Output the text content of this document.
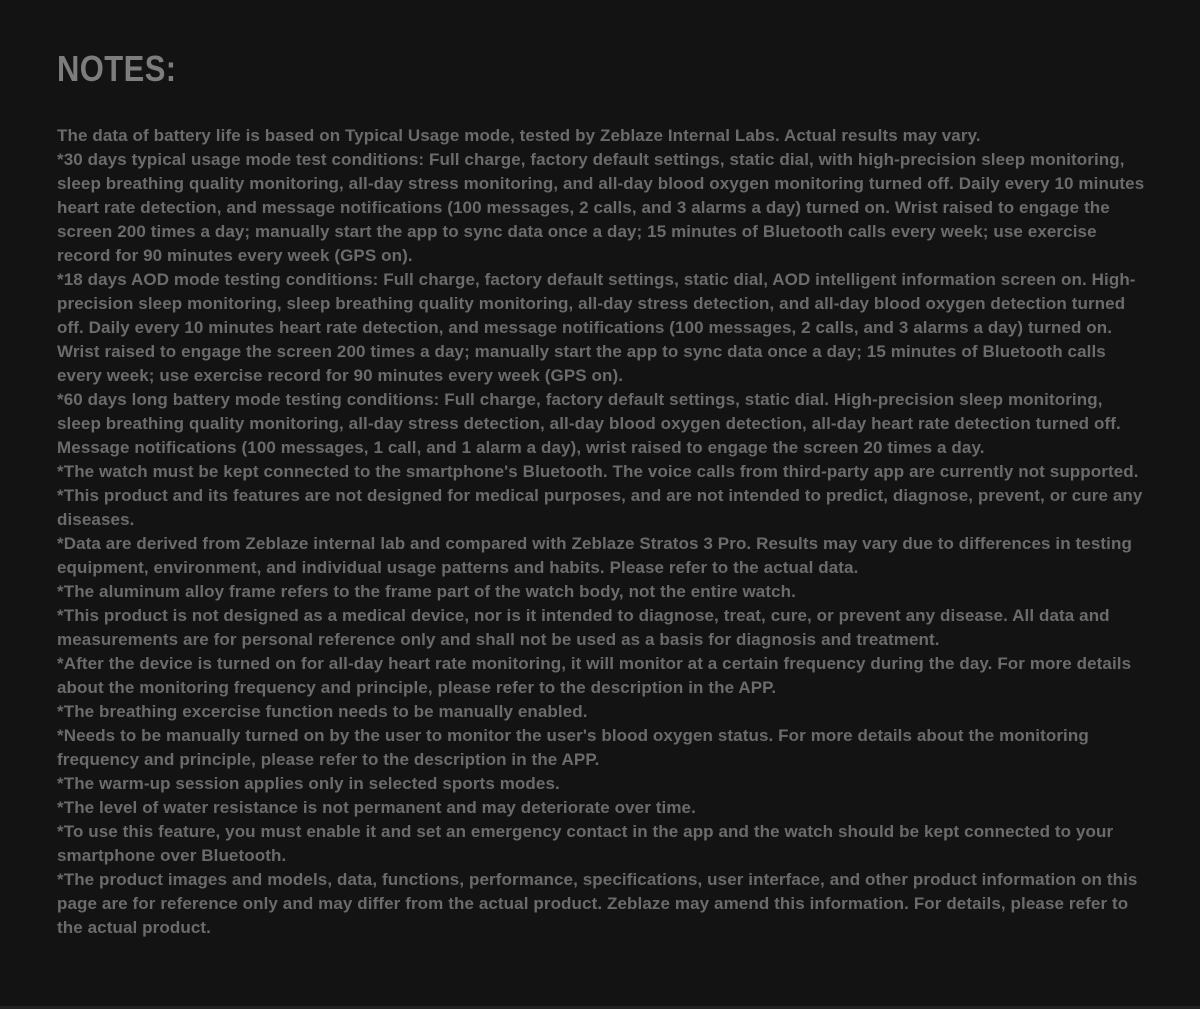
NOTES:

The data of battery life is based on Typical Usage mode, tested by Zeblaze Internal Labs. Actual results may vary.

*30 days typical usage mode test conditions: Full charge, factory default settings, static dial, with high-precision sleep monitoring, sleep breathing quality monitoring, all-day stress monitoring, and all-day blood oxygen monitoring turned off. Daily every 10 minutes heart rate detection, and message notifications (100 messages, 2 calls, and 3 alarms a day) turned on. Wrist raised to engage the screen 200 times a day; manually start the app to sync data once a day; 15 minutes of Bluetooth calls every week; use exercise record for 90 minutes every week (GPS on).

*18 days AOD mode testing conditions: Full charge, factory default settings, static dial, AOD intelligent information screen on. High-precision sleep monitoring, sleep breathing quality monitoring, all-day stress detection, and all-day blood oxygen detection turned off. Daily every 10 minutes heart rate detection, and message notifications (100 messages, 2 calls, and 3 alarms a day) turned on. Wrist raised to engage the screen 200 times a day; manually start the app to sync data once a day; 15 minutes of Bluetooth calls every week; use exercise record for 90 minutes every week (GPS on).

*60 days long battery mode testing conditions: Full charge, factory default settings, static dial. High-precision sleep monitoring, sleep breathing quality monitoring, all-day stress detection, all-day blood oxygen detection, all-day heart rate detection turned off. Message notifications (100 messages, 1 call, and 1 alarm a day), wrist raised to engage the screen 20 times a day.

*The watch must be kept connected to the smartphone's Bluetooth. The voice calls from third-party app are currently not supported.

*This product and its features are not designed for medical purposes, and are not intended to predict, diagnose, prevent, or cure any diseases.

*Data are derived from Zeblaze internal lab and compared with Zeblaze Stratos 3 Pro. Results may vary due to differences in testing equipment, environment, and individual usage patterns and habits. Please refer to the actual data.

*The aluminum alloy frame refers to the frame part of the watch body, not the entire watch.

*This product is not designed as a medical device, nor is it intended to diagnose, treat, cure, or prevent any disease. All data and measurements are for personal reference only and shall not be used as a basis for diagnosis and treatment.

*After the device is turned on for all-day heart rate monitoring, it will monitor at a certain frequency during the day. For more details about the monitoring frequency and principle, please refer to the description in the APP.

*The breathing excercise function needs to be manually enabled.

*Needs to be manually turned on by the user to monitor the user's blood oxygen status. For more details about the monitoring frequency and principle, please refer to the description in the APP.

*The warm-up session applies only in selected sports modes.

*The level of water resistance is not permanent and may deteriorate over time.

*To use this feature, you must enable it and set an emergency contact in the app and the watch should be kept connected to your smartphone over Bluetooth.

*The product images and models, data, functions, performance, specifications, user interface, and other product information on this page are for reference only and may differ from the actual product. Zeblaze may amend this information. For details, please refer to the actual product.
